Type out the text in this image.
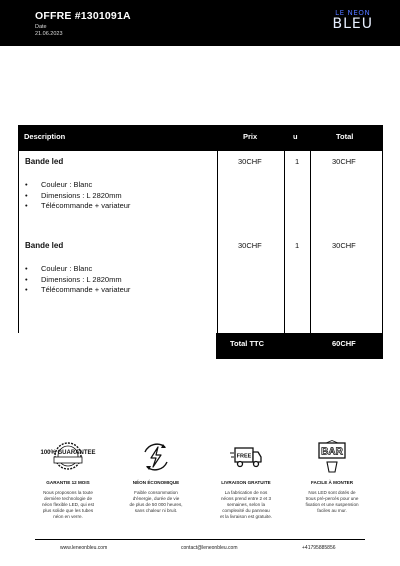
OFFRE #1301091A
Date
21.06.2023
LE NEON
BLEU
Description	Prix	u	Total
Bande led
• Couleur : Blanc
• Dimensions : L 2820mm
• Télécommande + variateur
30CHF	1	30CHF
Bande led
• Couleur : Blanc
• Dimensions : L 2820mm
• Télécommande + variateur
30CHF	1	30CHF
Total TTC	60CHF
100% GUARANTEE
GARANTIE 12 MOIS
Nous proposons la toute
dernière technologie de
néon flexible LED, qui est
plus solide que les tubes
néon en verre.
NÉON ÉCONOMIQUE
Faible consommation
d'énergie, durée de vie
de plus de 50 000 heures,
sans chaleur ni bruit.
FREE
LIVRAISON GRATUITE
La fabrication de nos
néons prend entre 2 et 3
semaines, selon la
complexité du panneau
et la livraison est gratuite.
BAR
FACILE À MONTER
Nos LED sont dotés de
trous pré-percés pour une
fixation et une suspension
faciles au mur.
www.leneonbleu.com	contact@leneonbleu.com	+41795885856
